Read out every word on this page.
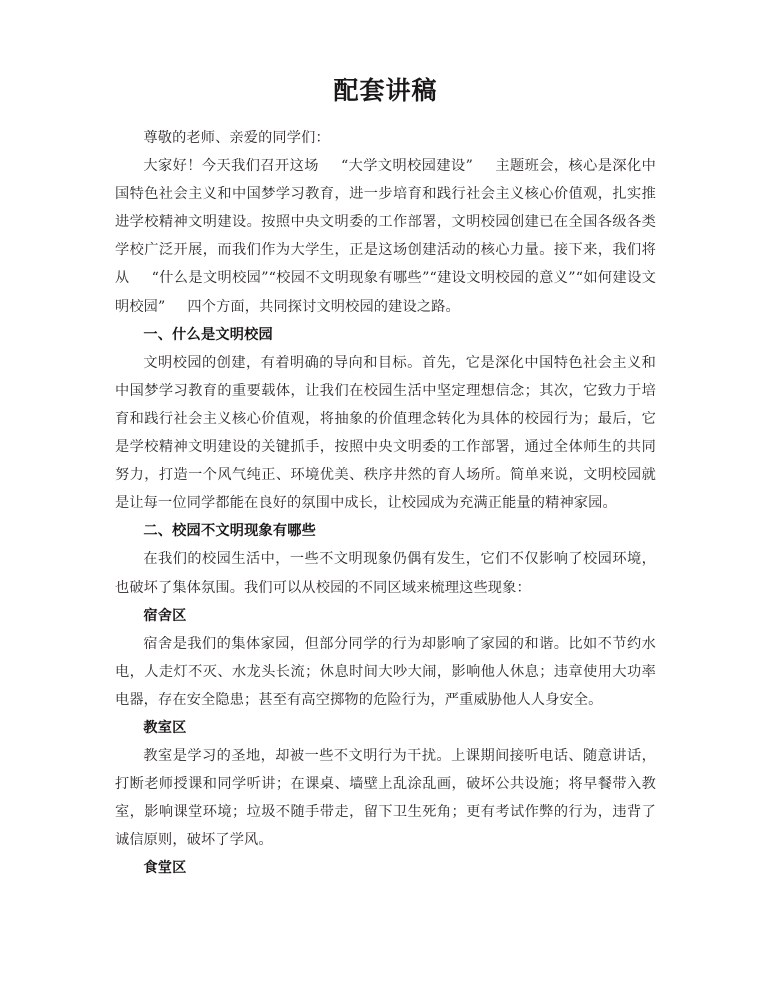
配套讲稿

尊敬的老师、亲爱的同学们：

大家好！今天我们召开这场 “大学文明校园建设” 主题班会，核心是深化中国特色社会主义和中国梦学习教育，进一步培育和践行社会主义核心价值观，扎实推进学校精神文明建设。按照中央文明委的工作部署，文明校园创建已在全国各级各类学校广泛开展，而我们作为大学生，正是这场创建活动的核心力量。接下来，我们将从 “什么是文明校园”“校园不文明现象有哪些”“建设文明校园的意义”“如何建设文明校园” 四个方面，共同探讨文明校园的建设之路。

一、什么是文明校园

文明校园的创建，有着明确的导向和目标。首先，它是深化中国特色社会主义和中国梦学习教育的重要载体，让我们在校园生活中坚定理想信念；其次，它致力于培育和践行社会主义核心价值观，将抽象的价值理念转化为具体的校园行为；最后，它是学校精神文明建设的关键抓手，按照中央文明委的工作部署，通过全体师生的共同努力，打造一个风气纯正、环境优美、秩序井然的育人场所。简单来说，文明校园就是让每一位同学都能在良好的氛围中成长，让校园成为充满正能量的精神家园。

二、校园不文明现象有哪些

在我们的校园生活中，一些不文明现象仍偶有发生，它们不仅影响了校园环境，也破坏了集体氛围。我们可以从校园的不同区域来梳理这些现象：

宿舍区

宿舍是我们的集体家园，但部分同学的行为却影响了家园的和谐。比如不节约水电，人走灯不灭、水龙头长流；休息时间大吵大闹，影响他人休息；违章使用大功率电器，存在安全隐患；甚至有高空掷物的危险行为，严重威胁他人人身安全。

教室区

教室是学习的圣地，却被一些不文明行为干扰。上课期间接听电话、随意讲话，打断老师授课和同学听讲；在课桌、墙壁上乱涂乱画，破坏公共设施；将早餐带入教室，影响课堂环境；垃圾不随手带走，留下卫生死角；更有考试作弊的行为，违背了诚信原则，破坏了学风。

食堂区
